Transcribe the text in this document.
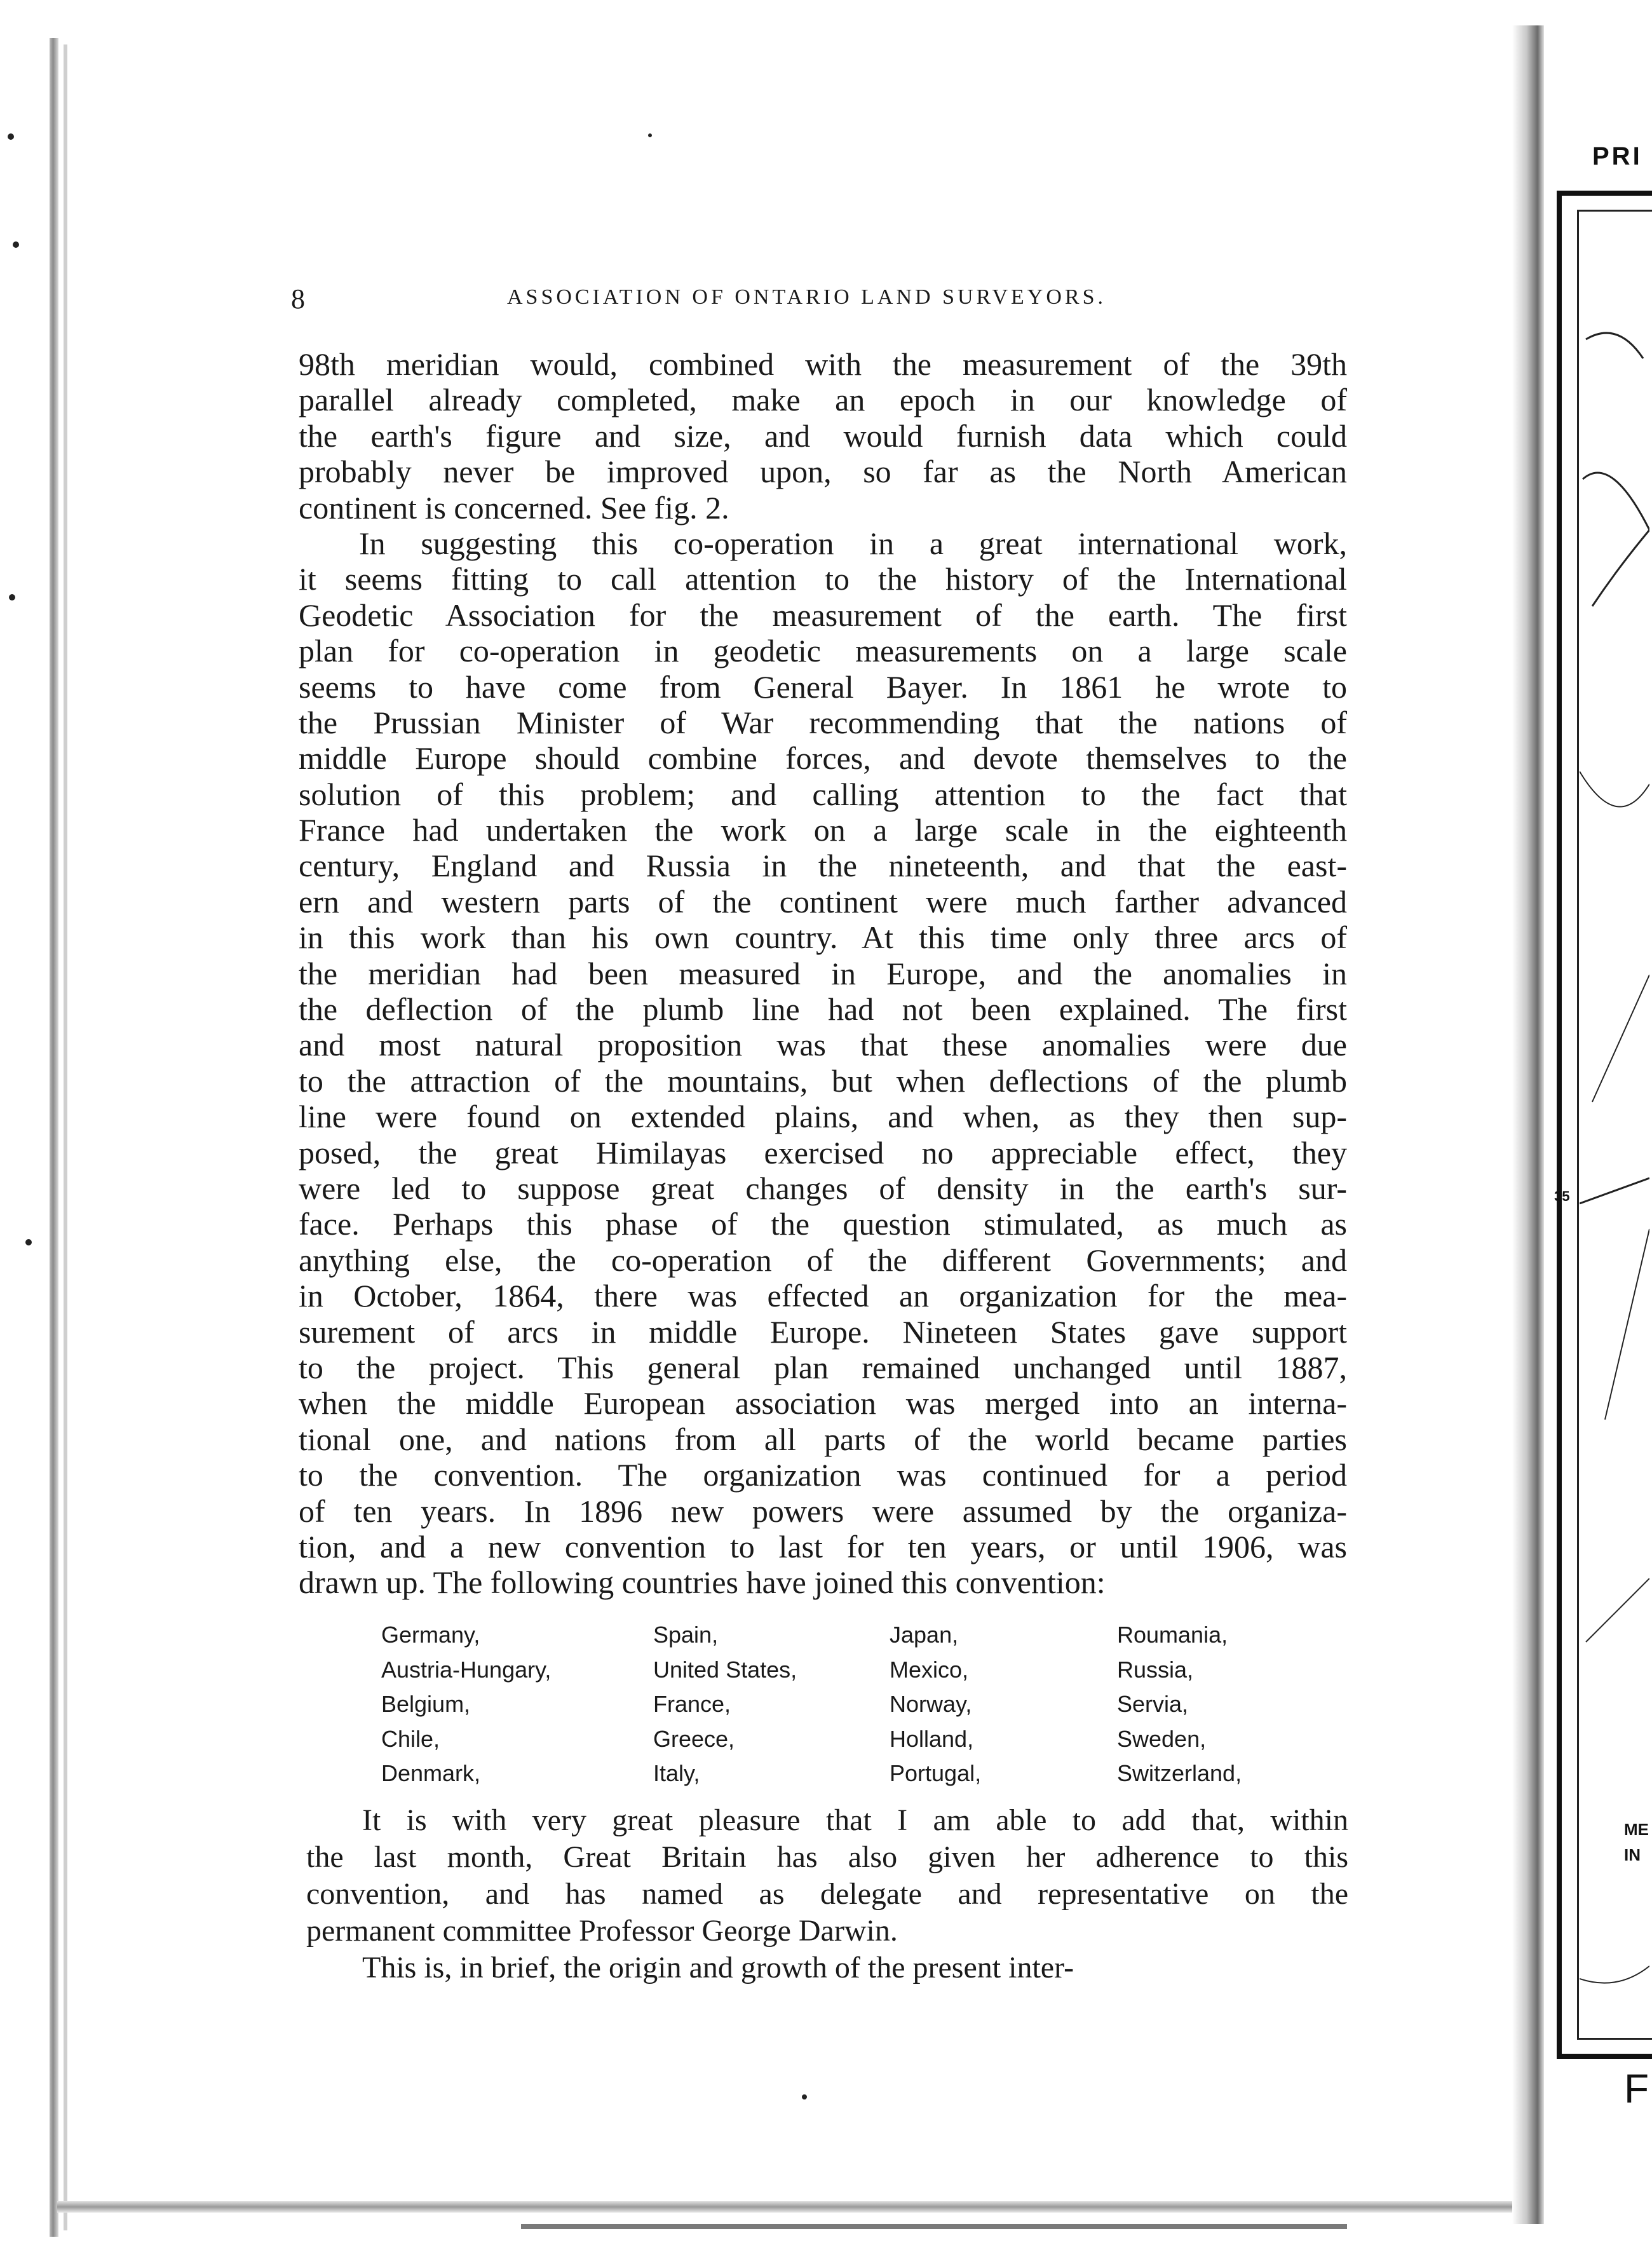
PRI
35
ME
IN
F
8	ASSOCIATION OF ONTARIO LAND SURVEYORS.
98th meridian would, combined with the measurement of the 39th
parallel already completed, make an epoch in our knowledge of
the earth's figure and size, and would furnish data which could
probably never be improved upon, so far as the North American
continent is concerned. See fig. 2.
In suggesting this co-operation in a great international work,
it seems fitting to call attention to the history of the International
Geodetic Association for the measurement of the earth. The first
plan for co-operation in geodetic measurements on a large scale
seems to have come from General Bayer. In 1861 he wrote to
the Prussian Minister of War recommending that the nations of
middle Europe should combine forces, and devote themselves to the
solution of this problem; and calling attention to the fact that
France had undertaken the work on a large scale in the eighteenth
century, England and Russia in the nineteenth, and that the east-
ern and western parts of the continent were much farther advanced
in this work than his own country. At this time only three arcs of
the meridian had been measured in Europe, and the anomalies in
the deflection of the plumb line had not been explained. The first
and most natural proposition was that these anomalies were due
to the attraction of the mountains, but when deflections of the plumb
line were found on extended plains, and when, as they then sup-
posed, the great Himilayas exercised no appreciable effect, they
were led to suppose great changes of density in the earth's sur-
face. Perhaps this phase of the question stimulated, as much as
anything else, the co-operation of the different Governments; and
in October, 1864, there was effected an organization for the mea-
surement of arcs in middle Europe. Nineteen States gave support
to the project. This general plan remained unchanged until 1887,
when the middle European association was merged into an interna-
tional one, and nations from all parts of the world became parties
to the convention. The organization was continued for a period
of ten years. In 1896 new powers were assumed by the organiza-
tion, and a new convention to last for ten years, or until 1906, was
drawn up. The following countries have joined this convention:
Germany,
Austria-Hungary,
Belgium,
Chile,
Denmark,
Spain,
United States,
France,
Greece,
Italy,
Japan,
Mexico,
Norway,
Holland,
Portugal,
Roumania,
Russia,
Servia,
Sweden,
Switzerland,
It is with very great pleasure that I am able to add that, within
the last month, Great Britain has also given her adherence to this
convention, and has named as delegate and representative on the
permanent committee Professor George Darwin.
This is, in brief, the origin and growth of the present inter-
